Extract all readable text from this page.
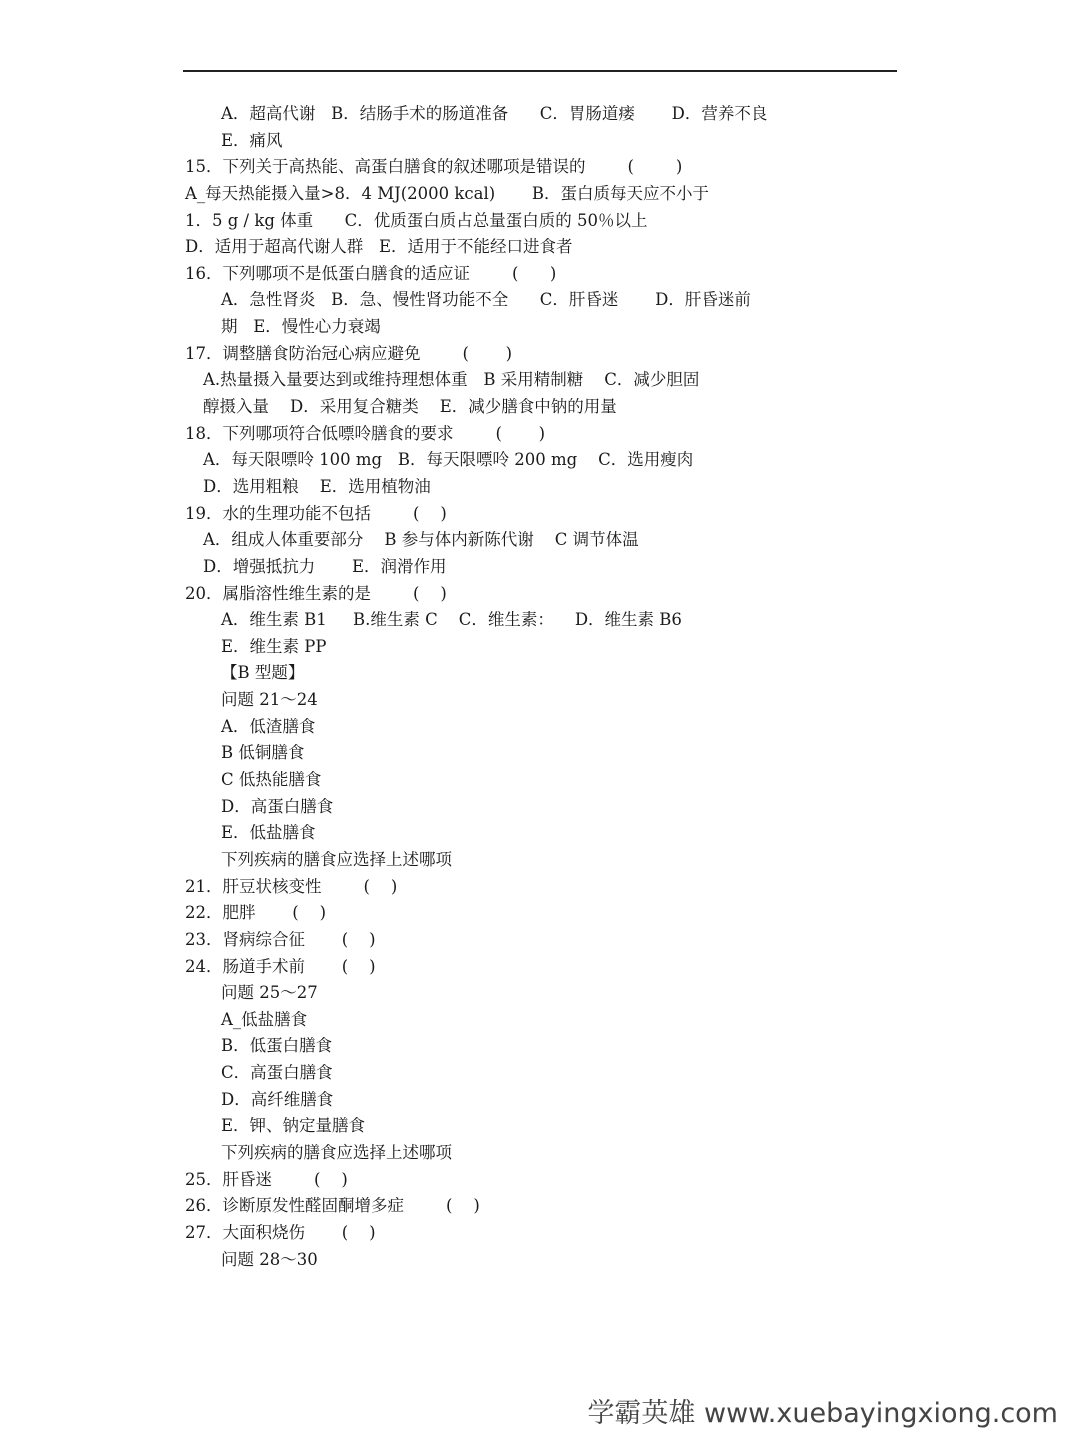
A．超高代谢   B．结肠手术的肠道准备      C．胃肠道瘘       D．营养不良
E．痛风
15．下列关于高热能、高蛋白膳食的叙述哪项是错误的        (        )
A_每天热能摄入量>8．4 MJ(2000 kcal)       B．蛋白质每天应不小于
1．5 g / kg 体重      C．优质蛋白质占总量蛋白质的 50％以上
D．适用于超高代谢人群   E．适用于不能经口进食者
16．下列哪项不是低蛋白膳食的适应证        (      )
A．急性肾炎   B．急、慢性肾功能不全      C．肝昏迷       D．肝昏迷前
期   E．慢性心力衰竭
17．调整膳食防治冠心病应避免        (       )
A.热量摄入量要达到或维持理想体重   B 采用精制糖    C．减少胆固
醇摄入量    D．采用复合糖类    E．减少膳食中钠的用量
18．下列哪项符合低嘌呤膳食的要求        (       )
A．每天限嘌呤 100 mg   B．每天限嘌呤 200 mg    C．选用瘦肉
D．选用粗粮    E．选用植物油
19．水的生理功能不包括        (    )
A．组成人体重要部分    B 参与体内新陈代谢    C 调节体温
D．增强抵抗力       E．润滑作用
20．属脂溶性维生素的是        (    )
A．维生素 B1     B.维生素 C    C．维生素：    D．维生素 B6
E．维生素 PP
【B 型题】
问题 21～24
A．低渣膳食
B 低铜膳食
C 低热能膳食
D．高蛋白膳食
E．低盐膳食
下列疾病的膳食应选择上述哪项
21．肝豆状核变性        (    )
22．肥胖       (    )
23．肾病综合征       (    )
24．肠道手术前       (    )
问题 25～27
A_低盐膳食
B．低蛋白膳食
C．高蛋白膳食
D．高纤维膳食
E．钾、钠定量膳食
下列疾病的膳食应选择上述哪项
25．肝昏迷        (    )
26．诊断原发性醛固酮增多症        (    )
27．大面积烧伤       (    )
问题 28～30
学霸英雄 www.xuebayingxiong.com
